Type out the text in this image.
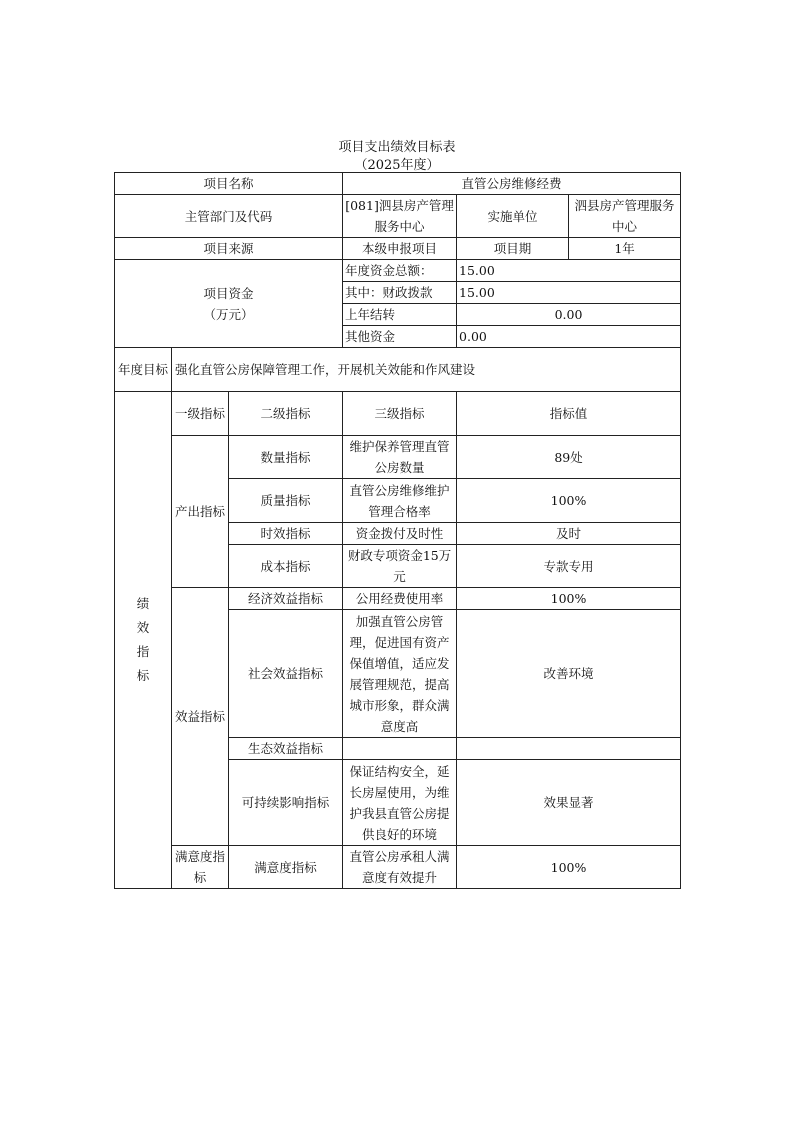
项目支出绩效目标表
（2025年度）
项目名称			直管公房维修经费		
主管部门及代码			[081]泗县房产管理服务中心	实施单位	泗县房产管理服务中心
项目来源			本级申报项目	项目期	1年

项目资金
（万元）			年度资金总额：	15.00	
			其中：财政拨款	15.00	
			上年结转	0.00	
			其他资金	0.00	
年度目标	强化直管公房保障管理工作，开展机关效能和作风建设				
绩效指标	一级指标	二级指标	三级指标	指标值	
	产出指标	数量指标	维护保养管理直管公房数量	89处	
		质量指标	直管公房维修维护管理合格率	100%	
		时效指标	资金拨付及时性	及时	
		成本指标	财政专项资金15万元	专款专用	
	效益指标	经济效益指标	公用经费使用率	100%	
		社会效益指标	加强直管公房管理，促进国有资产保值增值，适应发展管理规范，提高城市形象，群众满意度高	改善环境	
		生态效益指标			
		可持续影响指标	保证结构安全，延长房屋使用，为维护我县直管公房提供良好的环境	效果显著	
	满意度指标	满意度指标	直管公房承租人满意度有效提升	100%	
